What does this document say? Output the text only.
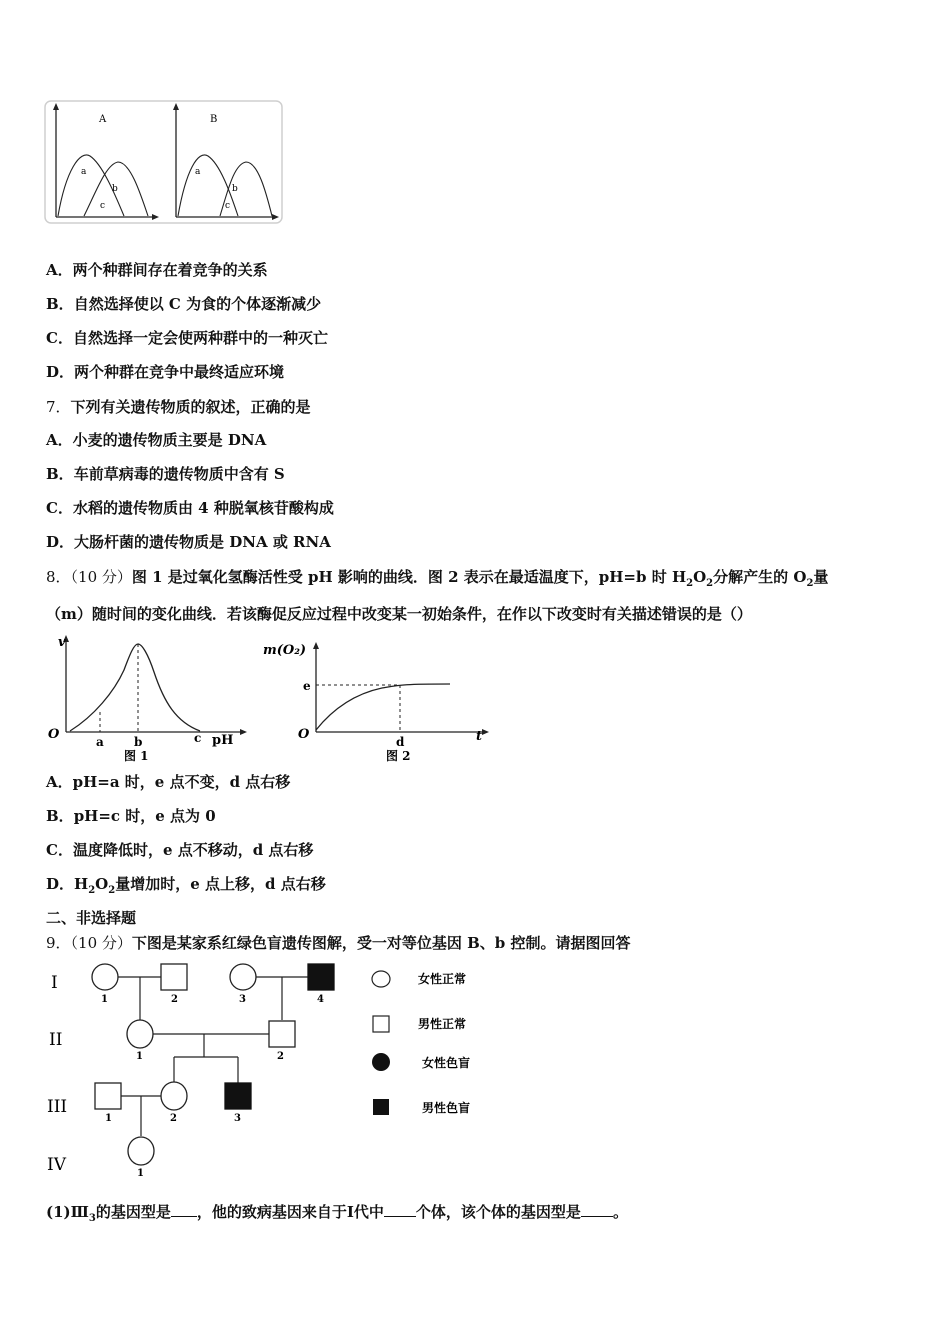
A
a
b
c
B
a
b
c
A．两个种群间存在着竞争的关系
B．自然选择使以 C 为食的个体逐渐减少
C．自然选择一定会使两种群中的一种灭亡
D．两个种群在竞争中最终适应环境
7．下列有关遗传物质的叙述，正确的是
A．小麦的遗传物质主要是 DNA
B．车前草病毒的遗传物质中含有 S
C．水稻的遗传物质由 4 种脱氧核苷酸构成
D．大肠杆菌的遗传物质是 DNA 或 RNA
8．（10 分）图 1 是过氧化氢酶活性受 pH 影响的曲线．图 2 表示在最适温度下，pH=b 时 $H_2O_2$分解产生的 $O_2$量
（m）随时间的变化曲线．若该酶促反应过程中改变某一初始条件，在作以下改变时有关描述错误的是（）
v
O	a	b	c pH
图 1
m(O₂)
O
e
d	t
图 2
A．pH=a 时，e 点不变，d 点右移
B．pH=c 时，e 点为 0
C．温度降低时，e 点不移动，d 点右移
D．$H_2O_2$量增加时，e 点上移，d 点右移
二、非选择题
9．（10 分）下图是某家系红绿色盲遗传图解，受一对等位基因 B、b 控制。请据图回答
I
II
III
IV
1	2	3	4
1	2
1	2	3
1
女性正常
男性正常
女性色盲
男性色盲
$(1)Ⅲ_3$的基因型是 ，他的致病基因来自于Ⅰ代中 个体，该个体的基因型是 。
